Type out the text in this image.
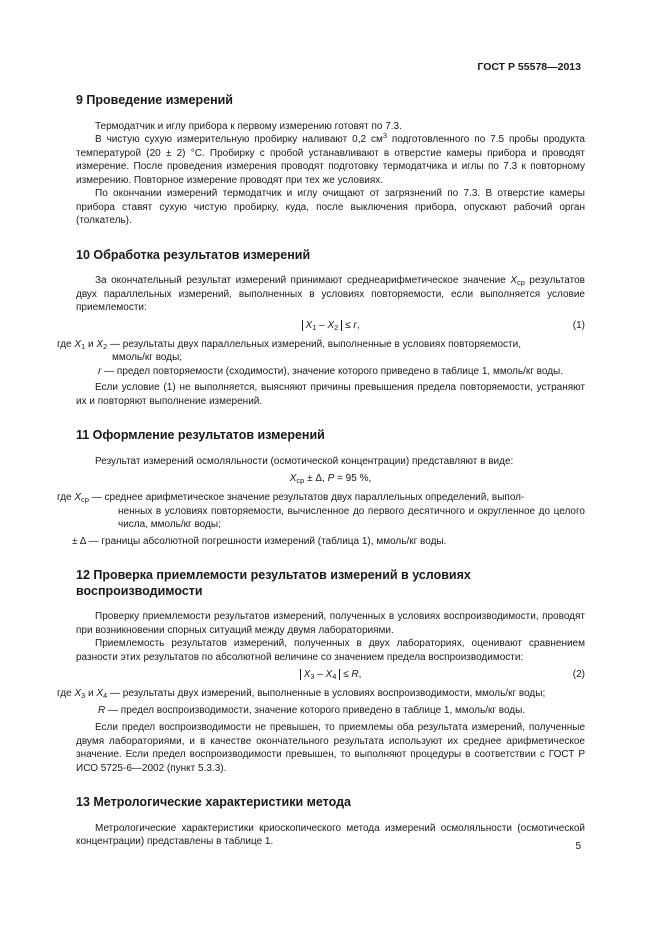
ГОСТ Р 55578—2013
9 Проведение измерений

Термодатчик и иглу прибора к первому измерению готовят по 7.3.

В чистую сухую измерительную пробирку наливают 0,2 $см^3$ подготовленного по 7.5 пробы продукта температурой (20 ± 2) °С. Пробирку с пробой устанавливают в отверстие камеры прибора и проводят измерение. После проведения измерения проводят подготовку термодатчика и иглы по 7.3 к повторному измерению. Повторное измерение проводят при тех же условиях.

По окончании измерений термодатчик и иглу очищают от загрязнений по 7.3. В отверстие камеры прибора ставят сухую чистую пробирку, куда, после выключения прибора, опускают рабочий орган (толкатель).

10 Обработка результатов измерений

За окончательный результат измерений принимают среднеарифметическое значение $X_{ср}$ результатов двух параллельных измерений, выполненных в условиях повторяемости, если выполняется условие приемлемости:

$X_1 - X_2 \le r$,	(1)

где $X_1$ и $X_2$ — результаты двух параллельных измерений, выполненные в условиях повторяемости,

ммоль/кг воды;

r — предел повторяемости (сходимости), значение которого приведено в таблице 1, ммоль/кг воды.

Если условие (1) не выполняется, выясняют причины превышения предела повторяемости, устраняют их и повторяют выполнение измерений.

11 Оформление результатов измерений

Результат измерений осмоляльности (осмотической концентрации) представляют в виде:

$X_{ср} \pm \Delta$, P = 95 %,

где $X_{ср}$ — среднее арифметическое значение результатов двух параллельных определений, выпол-

ненных в условиях повторяемости, вычисленное до первого десятичного и округленное до целого числа, ммоль/кг воды;

± Δ — границы абсолютной погрешности измерений (таблица 1), ммоль/кг воды.

12 Проверка приемлемости результатов измерений в условиях
воспроизводимости

Проверку приемлемости результатов измерений, полученных в условиях воспроизводимости, проводят при возникновении спорных ситуаций между двумя лабораториями.

Приемлемость результатов измерений, полученных в двух лабораториях, оценивают сравнением разности этих результатов по абсолютной величине со значением предела воспроизводимости:

$X_3 - X_4 \le R$,	(2)

где $X_3$ и $X_4$ — результаты двух измерений, выполненные в условиях воспроизводимости, ммоль/кг воды;

R — предел воспроизводимости, значение которого приведено в таблице 1, ммоль/кг воды.

Если предел воспроизводимости не превышен, то приемлемы оба результата измерений, полученные двумя лабораториями, и в качестве окончательного результата используют их среднее арифметическое значение. Если предел воспроизводимости превышен, то выполняют процедуры в соответствии с ГОСТ Р ИСО 5725-6—2002 (пункт 5.3.3).

13 Метрологические характеристики метода

Метрологические характеристики криоскопического метода измерений осмоляльности (осмотической концентрации) представлены в таблице 1.	5
